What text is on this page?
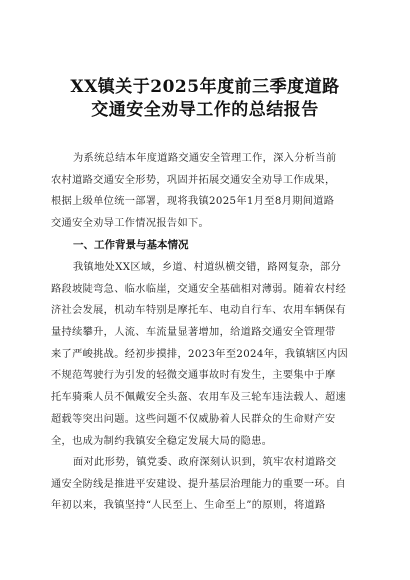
XX镇关于2025年度前三季度道路
交通安全劝导工作的总结报告
为系统总结本年度道路交通安全管理工作，深入分析当前
农村道路交通安全形势，巩固并拓展交通安全劝导工作成果，
根据上级单位统一部署，现将我镇2025年1月至8月期间道路
交通安全劝导工作情况报告如下。
一、工作背景与基本情况
我镇地处XX区域，乡道、村道纵横交错，路网复杂，部分
路段坡陡弯急、临水临崖，交通安全基础相对薄弱。随着农村经
济社会发展，机动车特别是摩托车、电动自行车、农用车辆保有
量持续攀升，人流、车流量显著增加，给道路交通安全管理带
来了严峻挑战。经初步摸排，2023年至2024年，我镇辖区内因
不规范驾驶行为引发的轻微交通事故时有发生，主要集中于摩
托车骑乘人员不佩戴安全头盔、农用车及三轮车违法载人、超速
超载等突出问题。这些问题不仅威胁着人民群众的生命财产安
全，也成为制约我镇安全稳定发展大局的隐患。
面对此形势，镇党委、政府深刻认识到，筑牢农村道路交
通安全防线是推进平安建设、提升基层治理能力的重要一环。自
年初以来，我镇坚持“人民至上、生命至上”的原则，将道路
